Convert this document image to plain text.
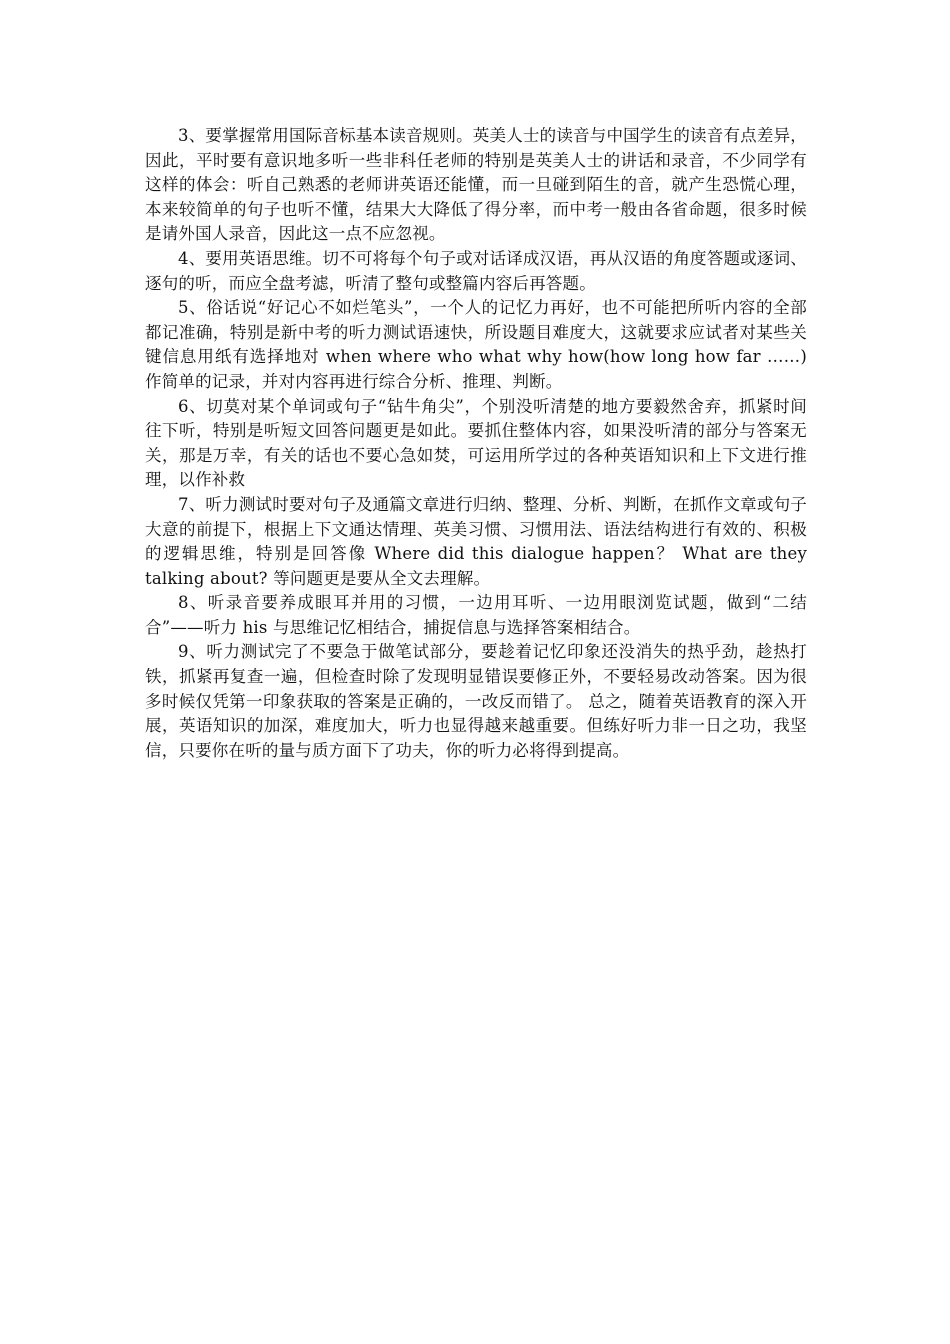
3、要掌握常用国际音标基本读音规则。英美人士的读音与中国学生的读音有点差异，因此，平时要有意识地多听一些非科任老师的特别是英美人士的讲话和录音，不少同学有这样的体会：听自己熟悉的老师讲英语还能懂，而一旦碰到陌生的音，就产生恐慌心理，本来较简单的句子也听不懂，结果大大降低了得分率，而中考一般由各省命题，很多时候是请外国人录音，因此这一点不应忽视。

4、要用英语思维。切不可将每个句子或对话译成汉语，再从汉语的角度答题或逐词、逐句的听，而应全盘考滤，听清了整句或整篇内容后再答题。

5、俗话说“好记心不如烂笔头”，一个人的记忆力再好，也不可能把所听内容的全部都记准确，特别是新中考的听力测试语速快，所设题目难度大，这就要求应试者对某些关键信息用纸有选择地对 when where who what why how(how long how far ……)作简单的记录，并对内容再进行综合分析、推理、判断。

6、切莫对某个单词或句子“钻牛角尖”，个别没听清楚的地方要毅然舍弃，抓紧时间往下听，特别是听短文回答问题更是如此。要抓住整体内容，如果没听清的部分与答案无关，那是万幸，有关的话也不要心急如焚，可运用所学过的各种英语知识和上下文进行推理，以作补救

7、听力测试时要对句子及通篇文章进行归纳、整理、分析、判断，在抓作文章或句子大意的前提下，根据上下文通达情理、英美习惯、习惯用法、语法结构进行有效的、积极的逻辑思维，特别是回答像 Where did this dialogue happen？ What are they talking about? 等问题更是要从全文去理解。

8、听录音要养成眼耳并用的习惯，一边用耳听、一边用眼浏览试题，做到“二结合”——听力 his 与思维记忆相结合，捕捉信息与选择答案相结合。

9、听力测试完了不要急于做笔试部分，要趁着记忆印象还没消失的热乎劲，趁热打铁，抓紧再复查一遍，但检查时除了发现明显错误要修正外，不要轻易改动答案。因为很多时候仅凭第一印象获取的答案是正确的，一改反而错了。 总之，随着英语教育的深入开展，英语知识的加深，难度加大，听力也显得越来越重要。但练好听力非一日之功，我坚信，只要你在听的量与质方面下了功夫，你的听力必将得到提高。
